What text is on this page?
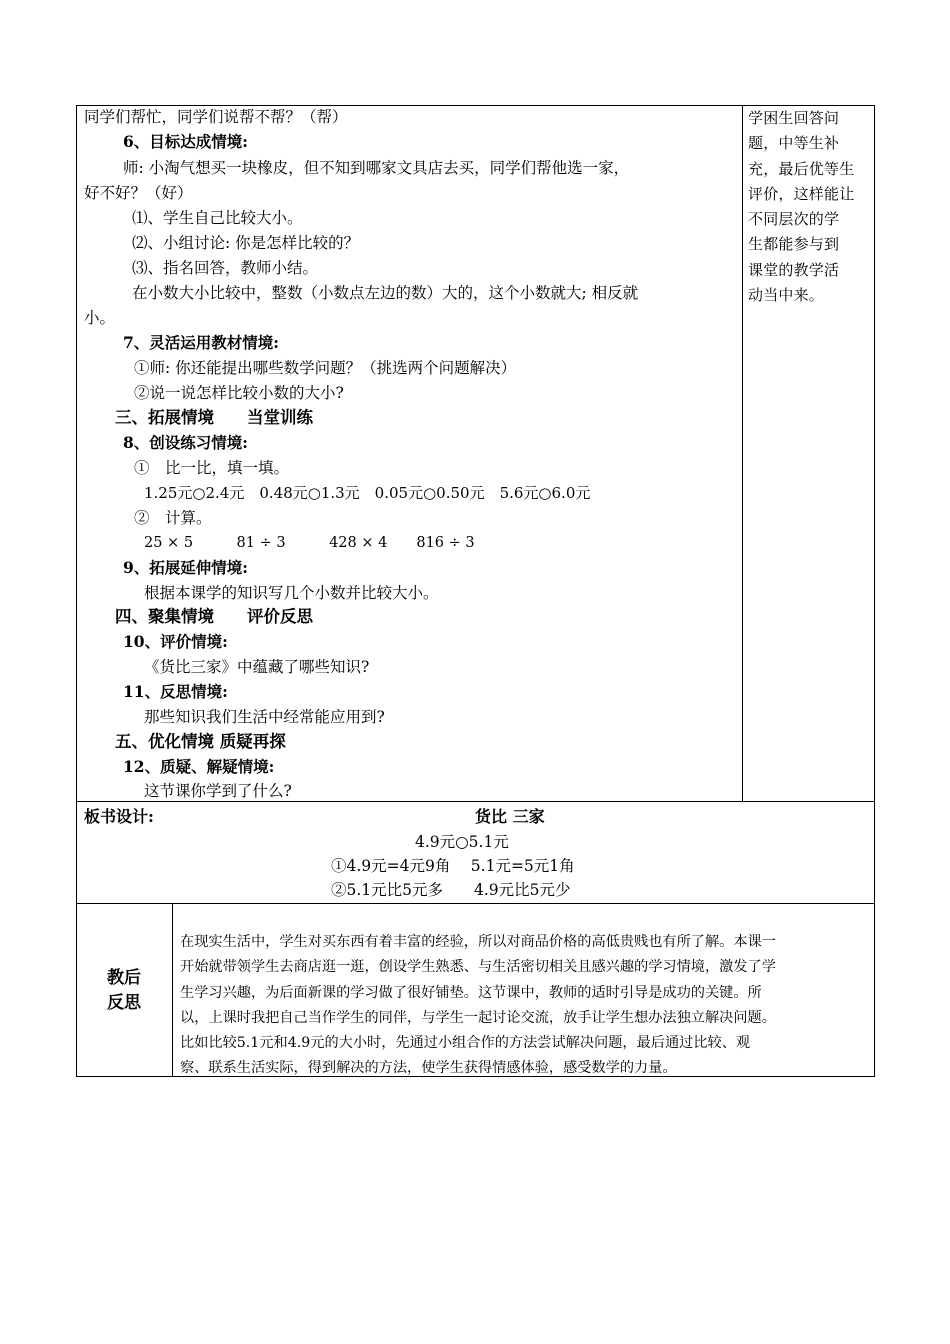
同学们帮忙，同学们说帮不帮？（帮）
6、目标达成情境:
师: 小淘气想买一块橡皮，但不知到哪家文具店去买，同学们帮他选一家，
好不好？（好）
⑴、学生自己比较大小。
⑵、小组讨论: 你是怎样比较的？
⑶、指名回答，教师小结。
在小数大小比较中，整数（小数点左边的数）大的，这个小数就大; 相反就
小。
7、灵活运用教材情境:
①师: 你还能提出哪些数学问题？（挑选两个问题解决）
②说一说怎样比较小数的大小?
三、拓展情境　　当堂训练
8、创设练习情境:
①　比一比，填一填。
1.25元○2.4元　0.48元○1.3元　0.05元○0.50元　5.6元○6.0元
②　计算。
25 × 5　　　81 ÷ 3　　　428 × 4　　816 ÷ 3
9、拓展延伸情境:
根据本课学的知识写几个小数并比较大小。
四、聚集情境　　评价反思
10、评价情境:
《货比三家》中蕴藏了哪些知识?
11、反思情境:
那些知识我们生活中经常能应用到?
五、优化情境 质疑再探
12、质疑、解疑情境:
这节课你学到了什么?
学困生回答问
题，中等生补
充，最后优等生
评价，这样能让
不同层次的学
生都能参与到
课堂的教学活
动当中来。
板书设计:	货比 三家
4.9元○5.1元
①4.9元=4元9角　 5.1元=5元1角
②5.1元比5元多　　4.9元比5元少
教后
反思
在现实生活中，学生对买东西有着丰富的经验，所以对商品价格的高低贵贱也有所了解。本课一
开始就带领学生去商店逛一逛，创设学生熟悉、与生活密切相关且感兴趣的学习情境，激发了学
生学习兴趣，为后面新课的学习做了很好铺垫。这节课中，教师的适时引导是成功的关键。所
以，上课时我把自己当作学生的同伴，与学生一起讨论交流，放手让学生想办法独立解决问题。
比如比较5.1元和4.9元的大小时，先通过小组合作的方法尝试解决问题，最后通过比较、观
察、联系生活实际，得到解决的方法，使学生获得情感体验，感受数学的力量。
